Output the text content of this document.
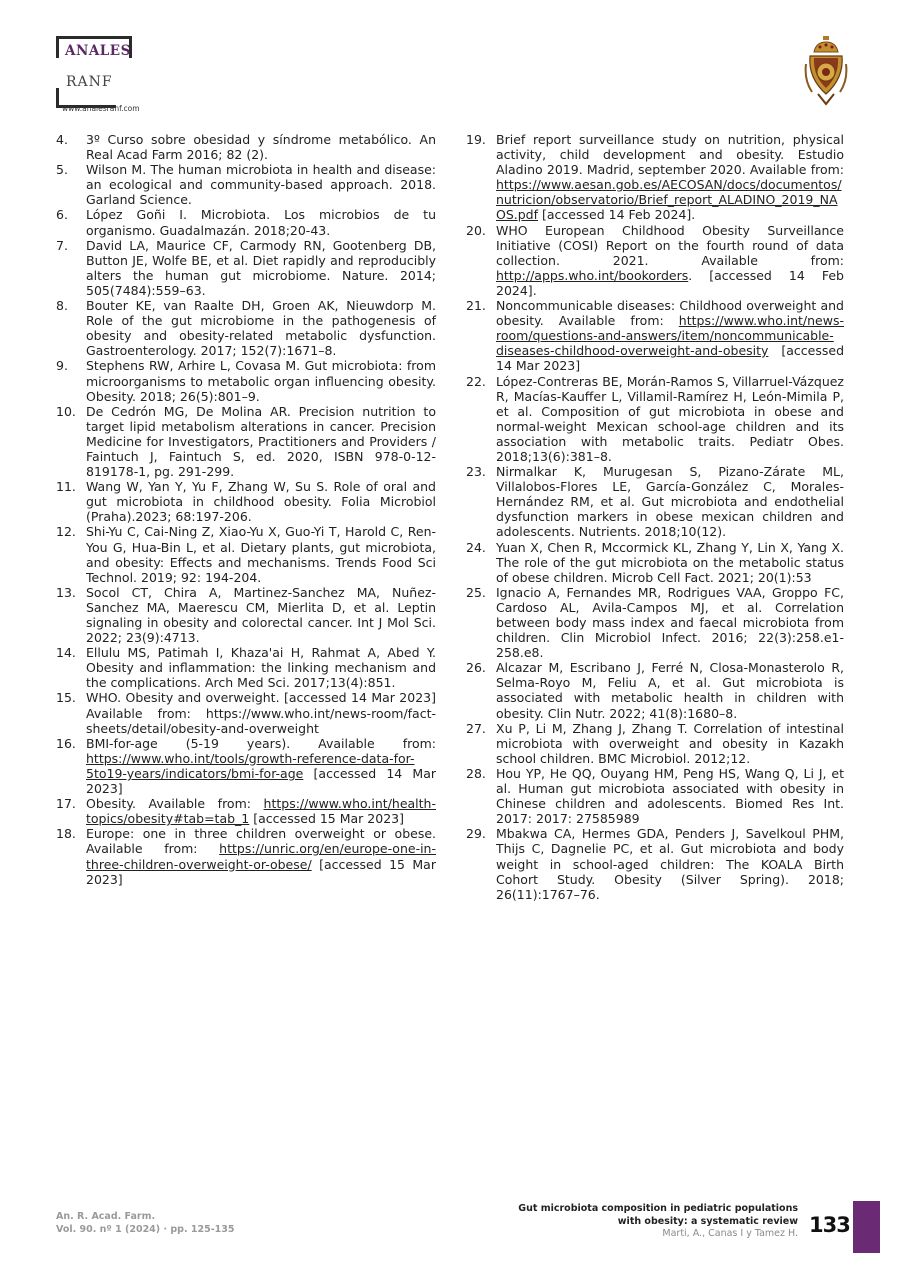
ANALES
RANF
www.analesranf.com
4.	3º Curso sobre obesidad y síndrome metabólico. An Real Acad Farm 2016; 82 (2).
5.	Wilson M. The human microbiota in health and disease: an ecological and community-based approach. 2018. Garland Science.
6.	López Goñi I. Microbiota. Los microbios de tu organismo. Guadalmazán. 2018;20-43.
7.	David LA, Maurice CF, Carmody RN, Gootenberg DB, Button JE, Wolfe BE, et al. Diet rapidly and reproducibly alters the human gut microbiome. Nature. 2014; 505(7484):559–63.
8.	Bouter KE, van Raalte DH, Groen AK, Nieuwdorp M. Role of the gut microbiome in the pathogenesis of obesity and obesity-related metabolic dysfunction. Gastroenterology. 2017; 152(7):1671–8.
9.	Stephens RW, Arhire L, Covasa M. Gut microbiota: from microorganisms to metabolic organ influencing obesity. Obesity. 2018; 26(5):801–9.
10. De Cedrón MG, De Molina AR. Precision nutrition to target lipid metabolism alterations in cancer. Precision Medicine for Investigators, Practitioners and Providers / Faintuch J, Faintuch S, ed. 2020, ISBN 978-0-12-819178-1, pg. 291-299.
11. Wang W, Yan Y, Yu F, Zhang W, Su S. Role of oral and gut microbiota in childhood obesity. Folia Microbiol (Praha).2023; 68:197-206.
12. Shi-Yu C, Cai-Ning Z, Xiao-Yu X, Guo-Yi T, Harold C, Ren-You G, Hua-Bin L, et al. Dietary plants, gut microbiota, and obesity: Effects and mechanisms. Trends Food Sci Technol. 2019; 92: 194-204.
13. Socol CT, Chira A, Martinez-Sanchez MA, Nuñez-Sanchez MA, Maerescu CM, Mierlita D, et al. Leptin signaling in obesity and colorectal cancer. Int J Mol Sci. 2022; 23(9):4713.
14. Ellulu MS, Patimah I, Khaza'ai H, Rahmat A, Abed Y. Obesity and inflammation: the linking mechanism and the complications. Arch Med Sci. 2017;13(4):851.
15. WHO. Obesity and overweight. [accessed 14 Mar 2023] Available from: https://www.who.int/news-room/fact-sheets/detail/obesity-and-overweight
16. BMI-for-age (5-19 years). Available from: https://www.who.int/tools/growth-reference-data-for-5to19-years/indicators/bmi-for-age [accessed 14 Mar 2023]
17. Obesity. Available from: https://www.who.int/health-topics/obesity#tab=tab_1 [accessed 15 Mar 2023]
18. Europe: one in three children overweight or obese. Available from: https://unric.org/en/europe-one-in-three-children-overweight-or-obese/ [accessed 15 Mar 2023]
19. Brief report surveillance study on nutrition, physical activity, child development and obesity. Estudio Aladino 2019. Madrid, september 2020. Available from: https://www.aesan.gob.es/AECOSAN/docs/documentos/nutricion/observatorio/Brief_report_ALADINO_2019_NAOS.pdf [accessed 14 Feb 2024].
20. WHO European Childhood Obesity Surveillance Initiative (COSI) Report on the fourth round of data collection. 2021. Available from: http://apps.who.int/bookorders. [accessed 14 Feb 2024].
21. Noncommunicable diseases: Childhood overweight and obesity. Available from: https://www.who.int/news-room/questions-and-answers/item/noncommunicable-diseases-childhood-overweight-and-obesity [accessed 14 Mar 2023]
22. López-Contreras BE, Morán-Ramos S, Villarruel-Vázquez R, Macías-Kauffer L, Villamil-Ramírez H, León-Mimila P, et al. Composition of gut microbiota in obese and normal-weight Mexican school-age children and its association with metabolic traits. Pediatr Obes. 2018;13(6):381–8.
23. Nirmalkar K, Murugesan S, Pizano-Zárate ML, Villalobos-Flores LE, García-González C, Morales-Hernández RM, et al. Gut microbiota and endothelial dysfunction markers in obese mexican children and adolescents. Nutrients. 2018;10(12).
24. Yuan X, Chen R, Mccormick KL, Zhang Y, Lin X, Yang X. The role of the gut microbiota on the metabolic status of obese children. Microb Cell Fact. 2021; 20(1):53
25. Ignacio A, Fernandes MR, Rodrigues VAA, Groppo FC, Cardoso AL, Avila-Campos MJ, et al. Correlation between body mass index and faecal microbiota from children. Clin Microbiol Infect. 2016; 22(3):258.e1-258.e8.
26. Alcazar M, Escribano J, Ferré N, Closa-Monasterolo R, Selma-Royo M, Feliu A, et al. Gut microbiota is associated with metabolic health in children with obesity. Clin Nutr. 2022; 41(8):1680–8.
27. Xu P, Li M, Zhang J, Zhang T. Correlation of intestinal microbiota with overweight and obesity in Kazakh school children. BMC Microbiol. 2012;12.
28. Hou YP, He QQ, Ouyang HM, Peng HS, Wang Q, Li J, et al. Human gut microbiota associated with obesity in Chinese children and adolescents. Biomed Res Int. 2017: 2017: 27585989
29. Mbakwa CA, Hermes GDA, Penders J, Savelkoul PHM, Thijs C, Dagnelie PC, et al. Gut microbiota and body weight in school-aged children: The KOALA Birth Cohort Study. Obesity (Silver Spring). 2018; 26(11):1767–76.
An. R. Acad. Farm.
Vol. 90. nº 1 (2024) · pp. 125-135
Gut microbiota composition in pediatric populations
with obesity: a systematic review
Marti, A., Canas I y Tamez H. 133
